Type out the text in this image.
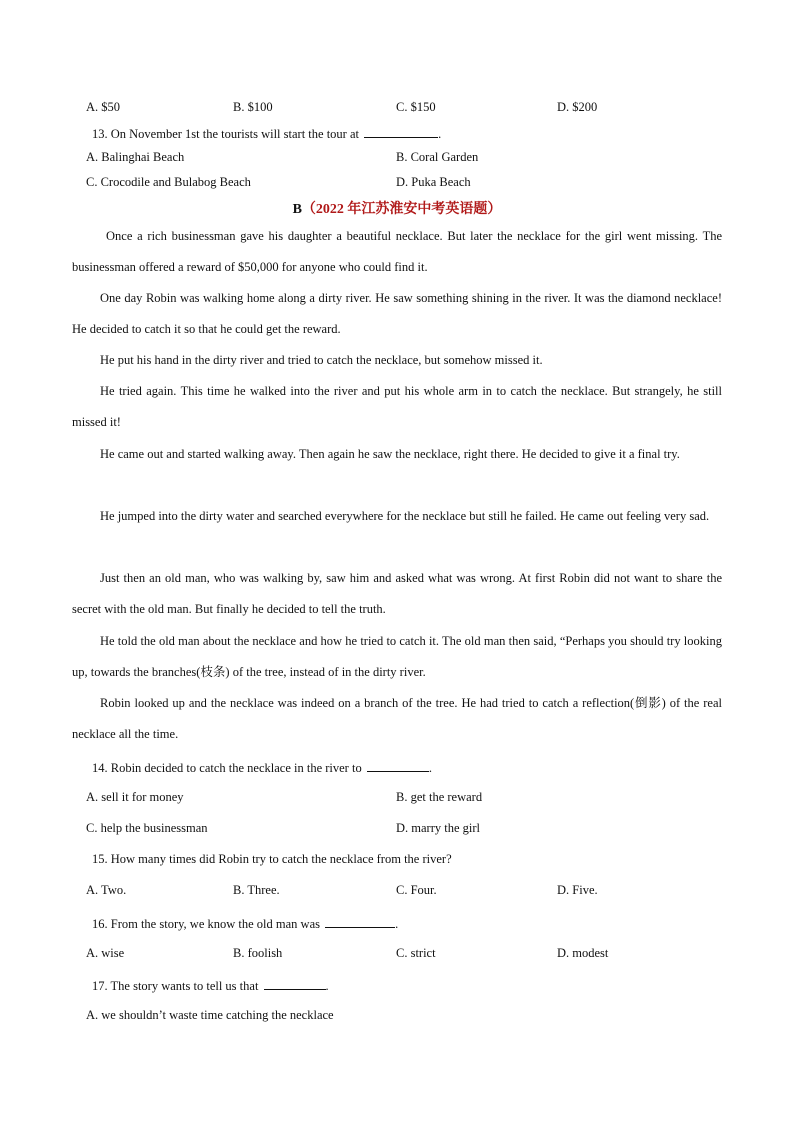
A. $50	B. $100	C. $150	D. $200
13. On November 1st the tourists will start the tour at	.
A. Balinghai Beach	B. Coral Garden
C. Crocodile and Bulabog Beach	D. Puka Beach
B（2022 年江苏淮安中考英语题）
Once a rich businessman gave his daughter a beautiful necklace. But later the necklace for the girl went missing. The businessman offered a reward of $50,000 for anyone who could find it.
One day Robin was walking home along a dirty river. He saw something shining in the river. It was the diamond necklace! He decided to catch it so that he could get the reward.
He put his hand in the dirty river and tried to catch the necklace, but somehow missed it.
He tried again. This time he walked into the river and put his whole arm in to catch the necklace. But strangely, he still missed it!
He came out and started walking away. Then again he saw the necklace, right there. He decided to give it a final try.
He jumped into the dirty water and searched everywhere for the necklace but still he failed. He came out feeling very sad.
Just then an old man, who was walking by, saw him and asked what was wrong. At first Robin did not want to share the secret with the old man. But finally he decided to tell the truth.
He told the old man about the necklace and how he tried to catch it. The old man then said, “Perhaps you should try looking up, towards the branches(枝条) of the tree, instead of in the dirty river.
Robin looked up and the necklace was indeed on a branch of the tree. He had tried to catch a reflection(倒影) of the real necklace all the time.
14. Robin decided to catch the necklace in the river to	.
A. sell it for money	B. get the reward
C. help the businessman	D. marry the girl
15. How many times did Robin try to catch the necklace from the river?
A. Two.	B. Three.	C. Four.	D. Five.
16. From the story, we know the old man was	.
A. wise	B. foolish	C. strict	D. modest
17. The story wants to tell us that	.
A. we shouldn’t waste time catching the necklace
